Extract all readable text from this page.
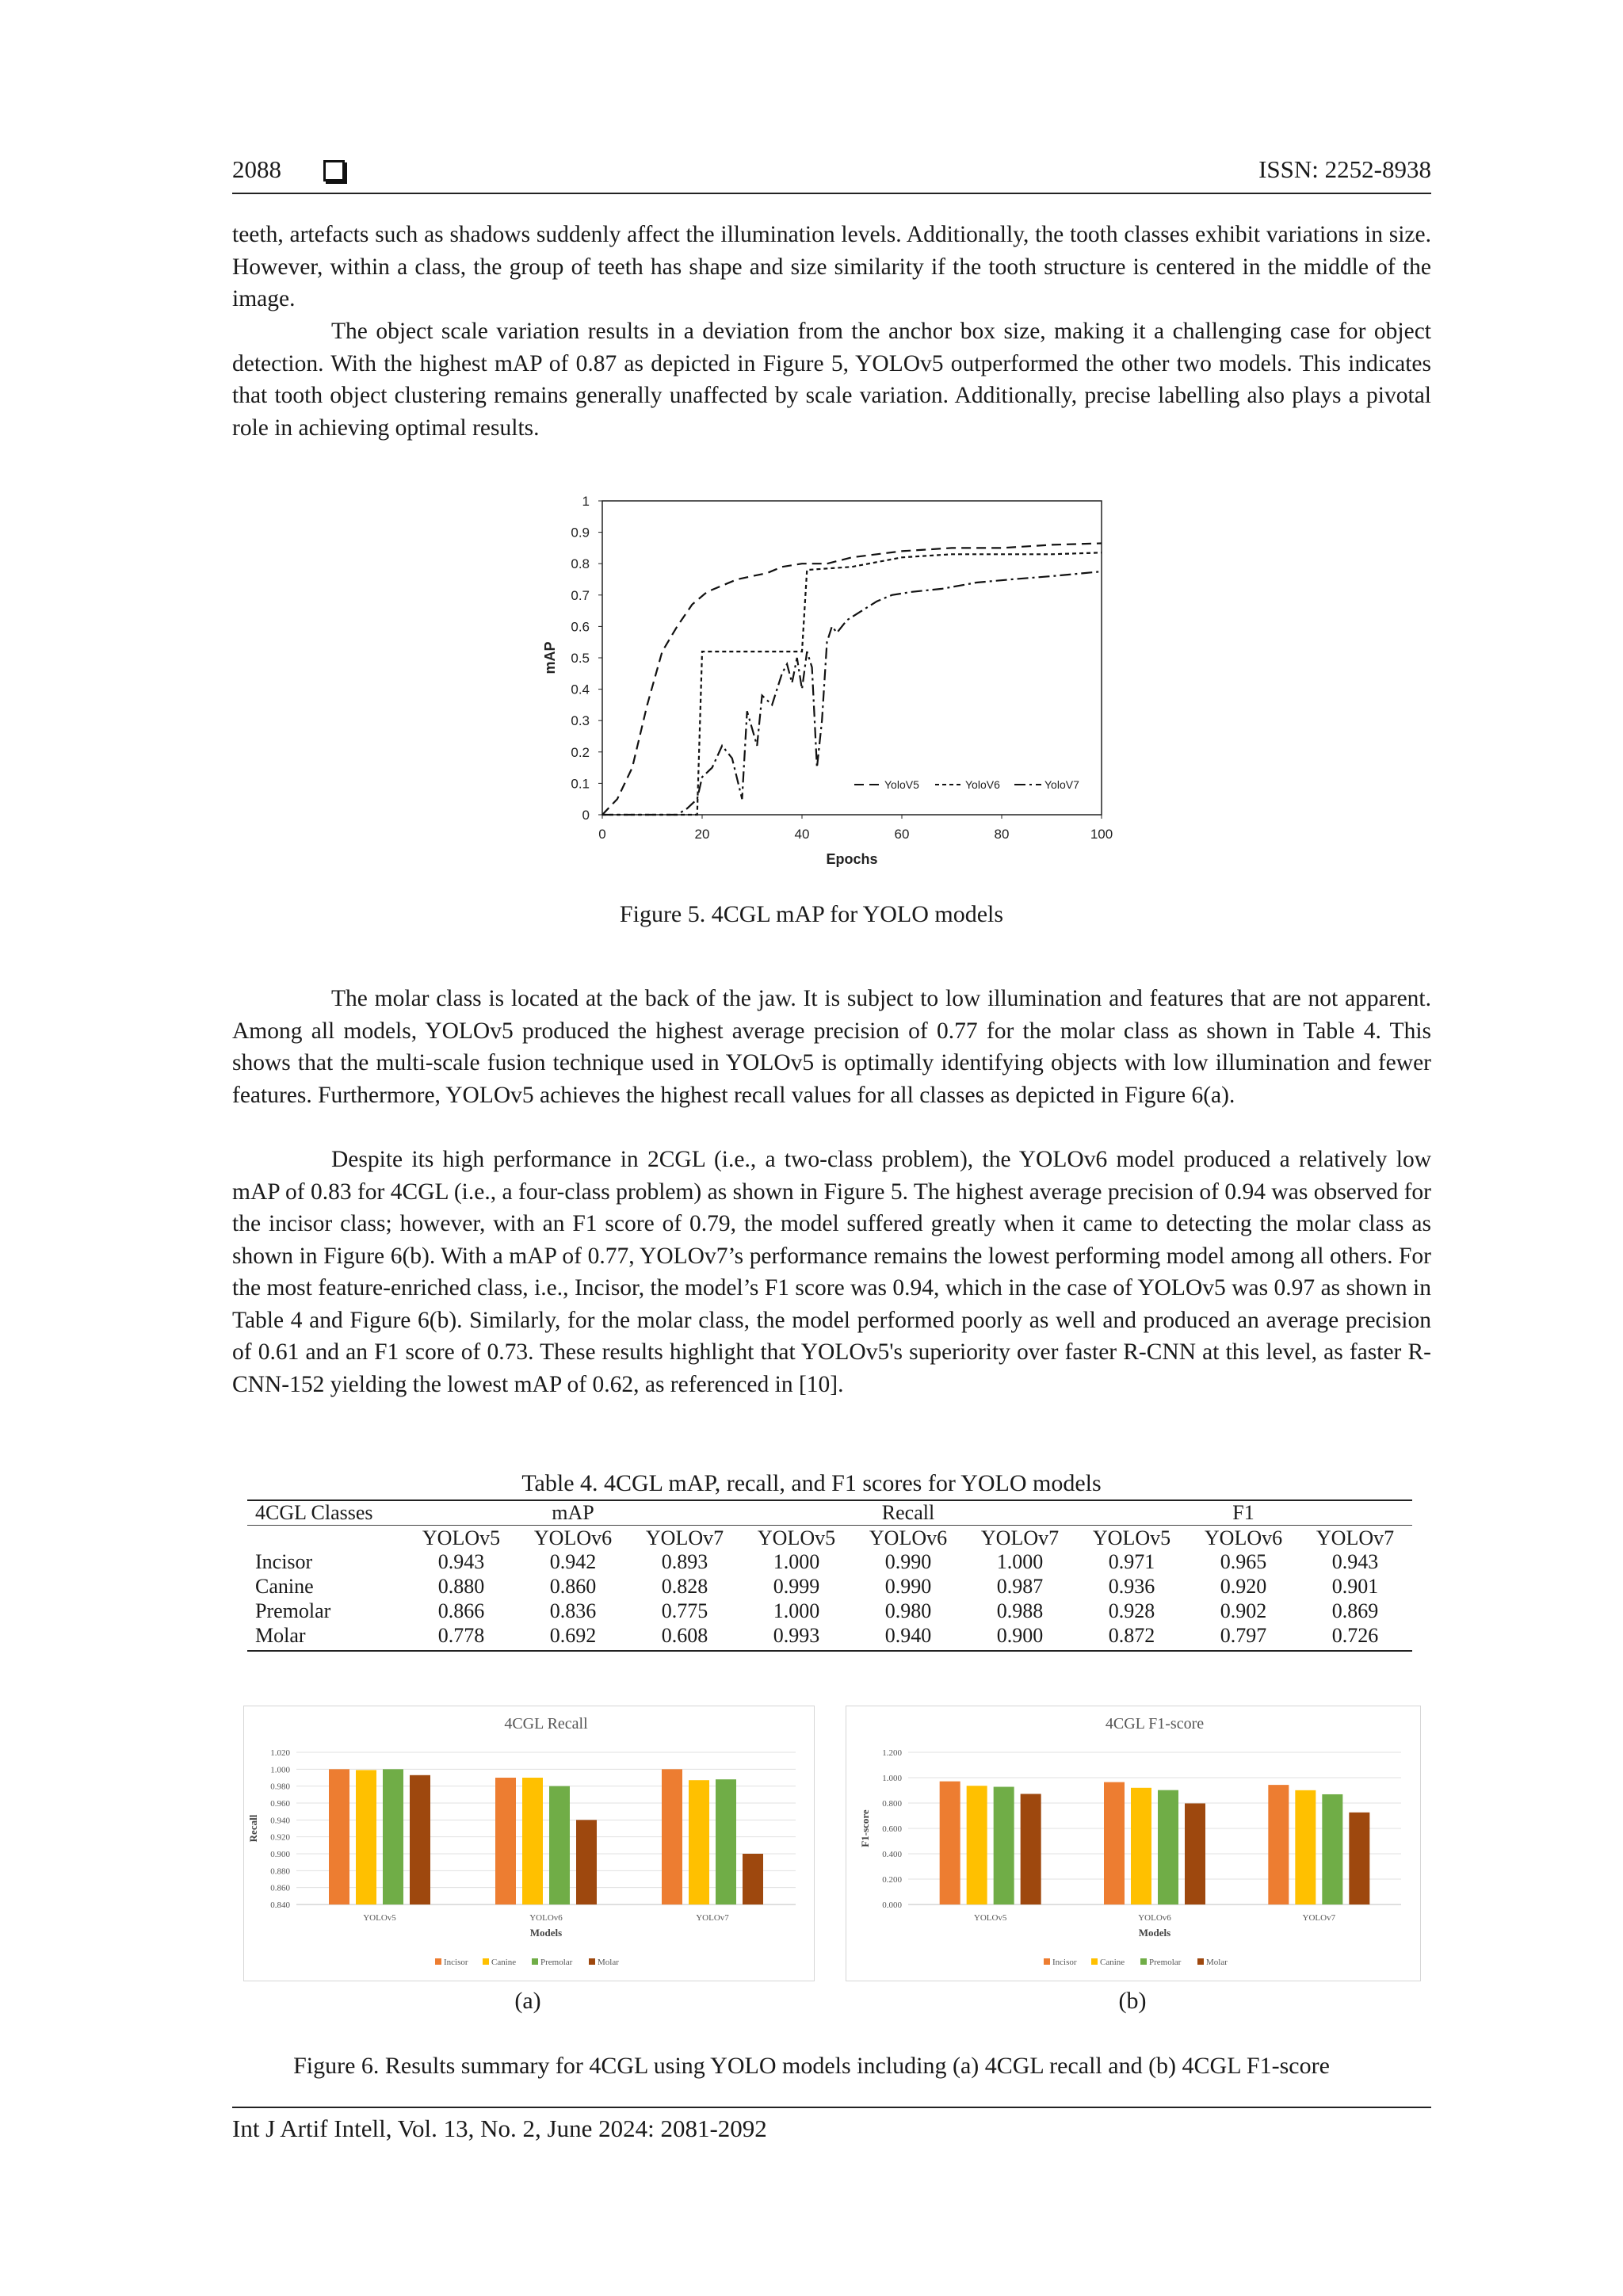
2088	ISSN: 2252-8938

teeth, artefacts such as shadows suddenly affect the illumination levels. Additionally, the tooth classes exhibit variations in size. However, within a class, the group of teeth has shape and size similarity if the tooth structure is centered in the middle of the image.

The object scale variation results in a deviation from the anchor box size, making it a challenging case for object detection. With the highest mAP of 0.87 as depicted in Figure 5, YOLOv5 outperformed the other two models. This indicates that tooth object clustering remains generally unaffected by scale variation. Additionally, precise labelling also plays a pivotal role in achieving optimal results.

0
0.1
0.2
0.3
0.4
0.5
0.6
0.7
0.8
0.9
1
0	20	40	60	80	100
Epochs
mAP
YoloV5	YoloV6	YoloV7
Figure 5. 4CGL mAP for YOLO models

The molar class is located at the back of the jaw. It is subject to low illumination and features that are not apparent. Among all models, YOLOv5 produced the highest average precision of 0.77 for the molar class as shown in Table 4. This shows that the multi-scale fusion technique used in YOLOv5 is optimally identifying objects with low illumination and fewer features. Furthermore, YOLOv5 achieves the highest recall values for all classes as depicted in Figure 6(a).

Despite its high performance in 2CGL (i.e., a two-class problem), the YOLOv6 model produced a relatively low mAP of 0.83 for 4CGL (i.e., a four-class problem) as shown in Figure 5. The highest average precision of 0.94 was observed for the incisor class; however, with an F1 score of 0.79, the model suffered greatly when it came to detecting the molar class as shown in Figure 6(b). With a mAP of 0.77, YOLOv7’s performance remains the lowest performing model among all others. For the most feature-enriched class, i.e., Incisor, the model’s F1 score was 0.94, which in the case of YOLOv5 was 0.97 as shown in Table 4 and Figure 6(b). Similarly, for the molar class, the model performed poorly as well and produced an average precision of 0.61 and an F1 score of 0.73. These results highlight that YOLOv5's superiority over faster R-CNN at this level, as faster R-CNN-152 yielding the lowest mAP of 0.62, as referenced in [10].

Table 4. 4CGL mAP, recall, and F1 scores for YOLO models
4CGL Classes	mAP	Recall	F1
YOLOv5 YOLOv6 YOLOv7 YOLOv5 YOLOv6 YOLOv7 YOLOv5 YOLOv6 YOLOv7
Incisor	0.943	0.942	0.893	1.000	0.990	1.000	0.971	0.965	0.943
Canine	0.880	0.860	0.828	0.999	0.990	0.987	0.936	0.920	0.901
Premolar	0.866	0.836	0.775	1.000	0.980	0.988	0.928	0.902	0.869
Molar	0.778	0.692	0.608	0.993	0.940	0.900	0.872	0.797	0.726
4CGL Recall
0.840
0.860
0.880
0.900
0.920
0.940
0.960
0.980
1.000
1.020
Recall
YOLOv5	YOLOv6	YOLOv7
Models
Incisor	Canine	Premolar	Molar
4CGL F1-score
0.000
0.200
0.400
0.600
0.800
1.000
1.200
F1-score
YOLOv5	YOLOv6	YOLOv7
Models
Incisor	Canine	Premolar	Molar
(a)	(b)
Figure 6. Results summary for 4CGL using YOLO models including (a) 4CGL recall and (b) 4CGL F1-score
Int J Artif Intell, Vol. 13, No. 2, June 2024: 2081-2092
